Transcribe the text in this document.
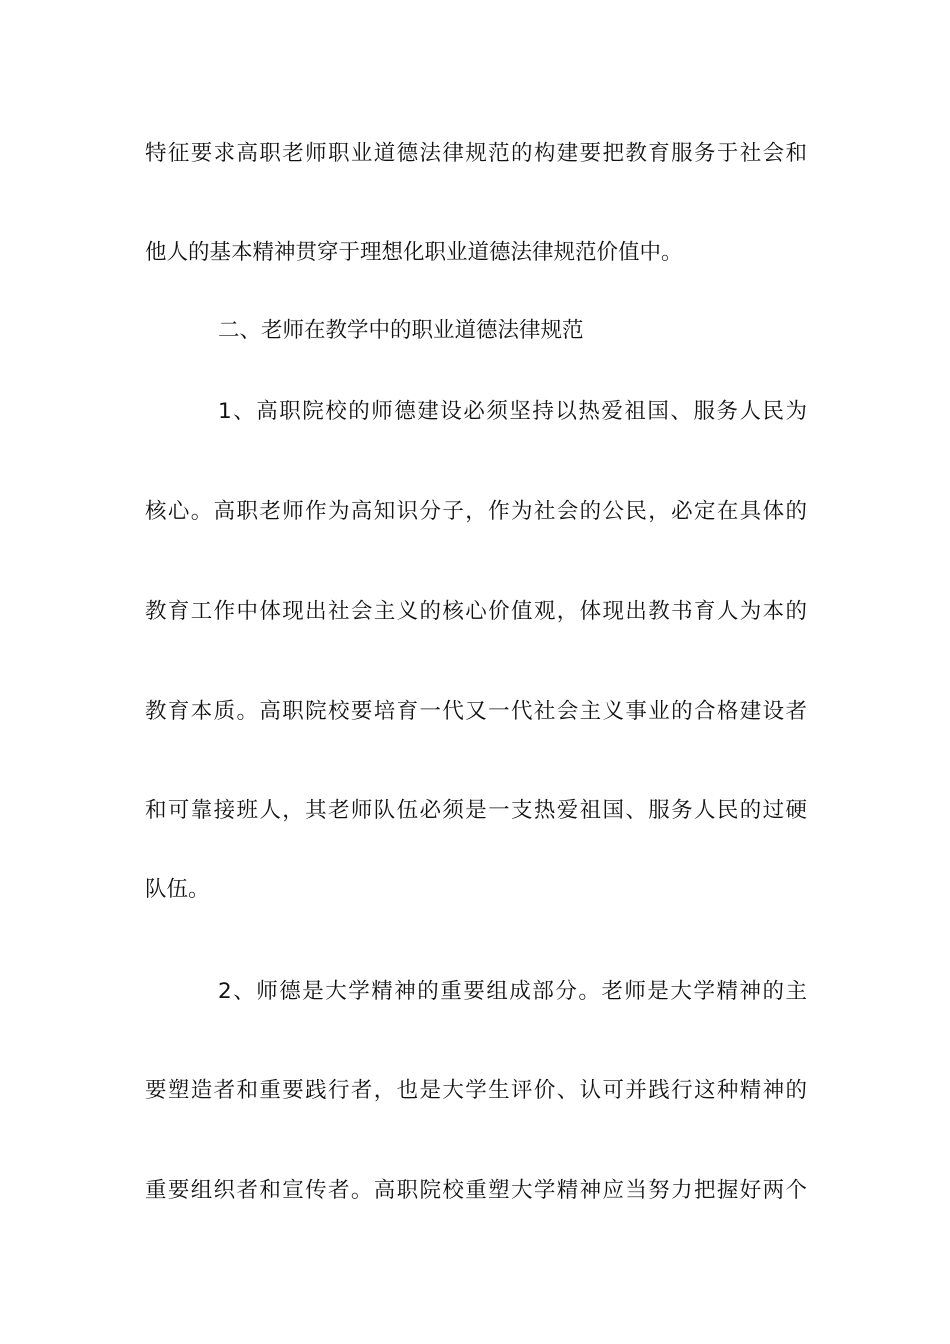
特征要求高职老师职业道德法律规范的构建要把教育服务于社会和
他人的基本精神贯穿于理想化职业道德法律规范价值中。
二、老师在教学中的职业道德法律规范
1、高职院校的师德建设必须坚持以热爱祖国、服务人民为
核心。高职老师作为高知识分子，作为社会的公民，必定在具体的
教育工作中体现出社会主义的核心价值观，体现出教书育人为本的
教育本质。高职院校要培育一代又一代社会主义事业的合格建设者
和可靠接班人，其老师队伍必须是一支热爱祖国、服务人民的过硬
队伍。
2、师德是大学精神的重要组成部分。老师是大学精神的主
要塑造者和重要践行者，也是大学生评价、认可并践行这种精神的
重要组织者和宣传者。高职院校重塑大学精神应当努力把握好两个
